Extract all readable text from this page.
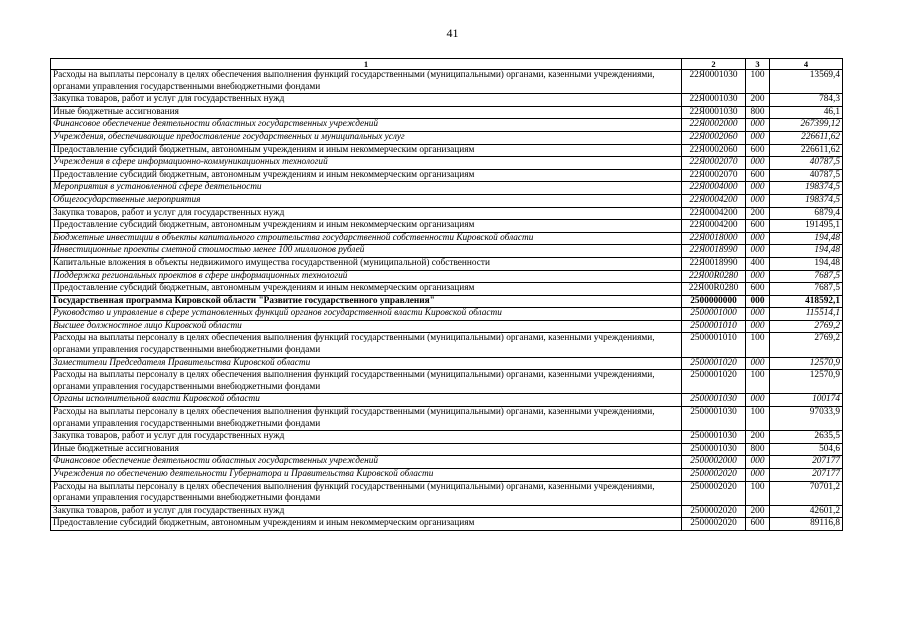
41
1	2	3	4
Расходы на выплаты персоналу в целях обеспечения выполнения функций государственными (муниципальными) органами, казенными учреждениями, органами управления государственными внебюджетными фондами	22Я0001030	100	13569,4
Закупка товаров, работ и услуг для государственных нужд	22Я0001030	200	784,3
Иные бюджетные ассигнования	22Я0001030	800	46,1
Финансовое обеспечение деятельности областных государственных учреждений	22Я0002000	000	267399,12
Учреждения, обеспечивающие предоставление государственных и муниципальных услуг	22Я0002060	000	226611,62
Предоставление субсидий бюджетным, автономным учреждениям и иным некоммерческим организациям	22Я0002060	600	226611,62
Учреждения в сфере информационно-коммуникационных технологий	22Я0002070	000	40787,5
Предоставление субсидий бюджетным, автономным учреждениям и иным некоммерческим организациям	22Я0002070	600	40787,5
Мероприятия в установленной сфере деятельности	22Я0004000	000	198374,5
Общегосударственные мероприятия	22Я0004200	000	198374,5
Закупка товаров, работ и услуг для государственных нужд	22Я0004200	200	6879,4
Предоставление субсидий бюджетным, автономным учреждениям и иным некоммерческим организациям	22Я0004200	600	191495,1
Бюджетные инвестиции в объекты капитального строительства государственной собственности Кировской области	22Я0018000	000	194,48
Инвестиционные проекты сметной стоимостью менее 100 миллионов рублей	22Я0018990	000	194,48
Капитальные вложения в объекты недвижимого имущества государственной (муниципальной) собственности	22Я0018990	400	194,48
Поддержка региональных проектов в сфере информационных технологий	22Я00R0280	000	7687,5
Предоставление субсидий бюджетным, автономным учреждениям и иным некоммерческим организациям	22Я00R0280	600	7687,5
Государственная программа Кировской области "Развитие государственного управления"	2500000000	000	418592,1
Руководство и управление в сфере установленных функций органов государственной власти Кировской области	2500001000	000	115514,1
Высшее должностное лицо Кировской области	2500001010	000	2769,2
Расходы на выплаты персоналу в целях обеспечения выполнения функций государственными (муниципальными) органами, казенными учреждениями, органами управления государственными внебюджетными фондами	2500001010	100	2769,2
Заместители Председателя Правительства Кировской области	2500001020	000	12570,9
Расходы на выплаты персоналу в целях обеспечения выполнения функций государственными (муниципальными) органами, казенными учреждениями, органами управления государственными внебюджетными фондами	2500001020	100	12570,9
Органы исполнительной власти Кировской области	2500001030	000	100174
Расходы на выплаты персоналу в целях обеспечения выполнения функций государственными (муниципальными) органами, казенными учреждениями, органами управления государственными внебюджетными фондами	2500001030	100	97033,9
Закупка товаров, работ и услуг для государственных нужд	2500001030	200	2635,5
Иные бюджетные ассигнования	2500001030	800	504,6
Финансовое обеспечение деятельности областных государственных учреждений	2500002000	000	207177
Учреждения по обеспечению деятельности Губернатора и Правительства Кировской области	2500002020	000	207177
Расходы на выплаты персоналу в целях обеспечения выполнения функций государственными (муниципальными) органами, казенными учреждениями, органами управления государственными внебюджетными фондами	2500002020	100	70701,2
Закупка товаров, работ и услуг для государственных нужд	2500002020	200	42601,2
Предоставление субсидий бюджетным, автономным учреждениям и иным некоммерческим организациям	2500002020	600	89116,8
